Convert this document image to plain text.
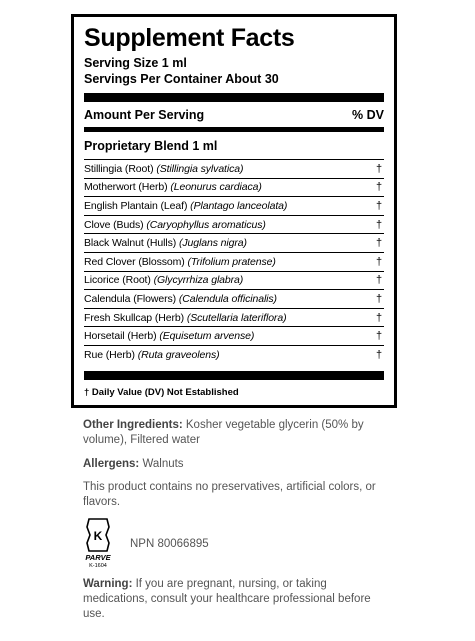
Supplement Facts
Serving Size 1 ml
Servings Per Container About 30
Amount Per Serving	% DV
Proprietary Blend 1 ml
Stillingia (Root) (Stillingia sylvatica)	†
Motherwort (Herb) (Leonurus cardiaca)	†
English Plantain (Leaf) (Plantago lanceolata)	†
Clove (Buds) (Caryophyllus aromaticus)	†
Black Walnut (Hulls) (Juglans nigra)	†
Red Clover (Blossom) (Trifolium pratense)	†
Licorice (Root) (Glycyrrhiza glabra)	†
Calendula (Flowers) (Calendula officinalis)	†
Fresh Skullcap (Herb) (Scutellaria lateriflora)	†
Horsetail (Herb) (Equisetum arvense)	†
Rue (Herb) (Ruta graveolens)	†
† Daily Value (DV) Not Established
Other Ingredients: Kosher vegetable glycerin (50% by volume), Filtered water
Allergens: Walnuts
This product contains no preservatives, artificial colors, or flavors.
K
PARVE
K-1604
NPN 80066895
Warning: If you are pregnant, nursing, or taking medications, consult your healthcare professional before use.
